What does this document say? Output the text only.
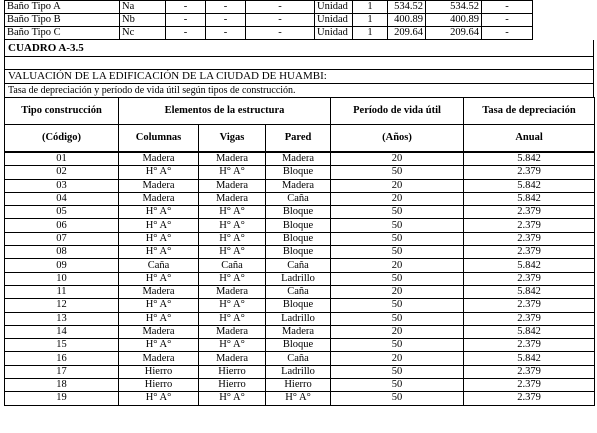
Baño Tipo A	Na	-	-	-	Unidad	1	534.52	534.52	-
Baño Tipo B	Nb	-	-	-	Unidad	1	400.89	400.89	-
Baño Tipo C	Nc	-	-	-	Unidad	1	209.64	209.64	-
CUADRO A-3.5
VALUACIÓN DE LA EDIFICACIÓN DE LA CIUDAD DE HUAMBI:
Tasa de depreciación y período de vida útil según tipos de construcción.
Tipo construcción	Elementos de la estructura			Período de vida útil	Tasa de depreciación
(Código)	Columnas	Vigas	Pared	(Años)	Anual
01	Madera	Madera	Madera	20	5.842
02	H° A°	H° A°	Bloque	50	2.379
03	Madera	Madera	Madera	20	5.842
04	Madera	Madera	Caña	20	5.842
05	H° A°	H° A°	Bloque	50	2.379
06	H° A°	H° A°	Bloque	50	2.379
07	H° A°	H° A°	Bloque	50	2.379
08	H° A°	H° A°	Bloque	50	2.379
09	Caña	Caña	Caña	20	5.842
10	H° A°	H° A°	Ladrillo	50	2.379
11	Madera	Madera	Caña	20	5.842
12	H° A°	H° A°	Bloque	50	2.379
13	H° A°	H° A°	Ladrillo	50	2.379
14	Madera	Madera	Madera	20	5.842
15	H° A°	H° A°	Bloque	50	2.379
16	Madera	Madera	Caña	20	5.842
17	Hierro	Hierro	Ladrillo	50	2.379
18	Hierro	Hierro	Hierro	50	2.379
19	H° A°	H° A°	H° A°	50	2.379
